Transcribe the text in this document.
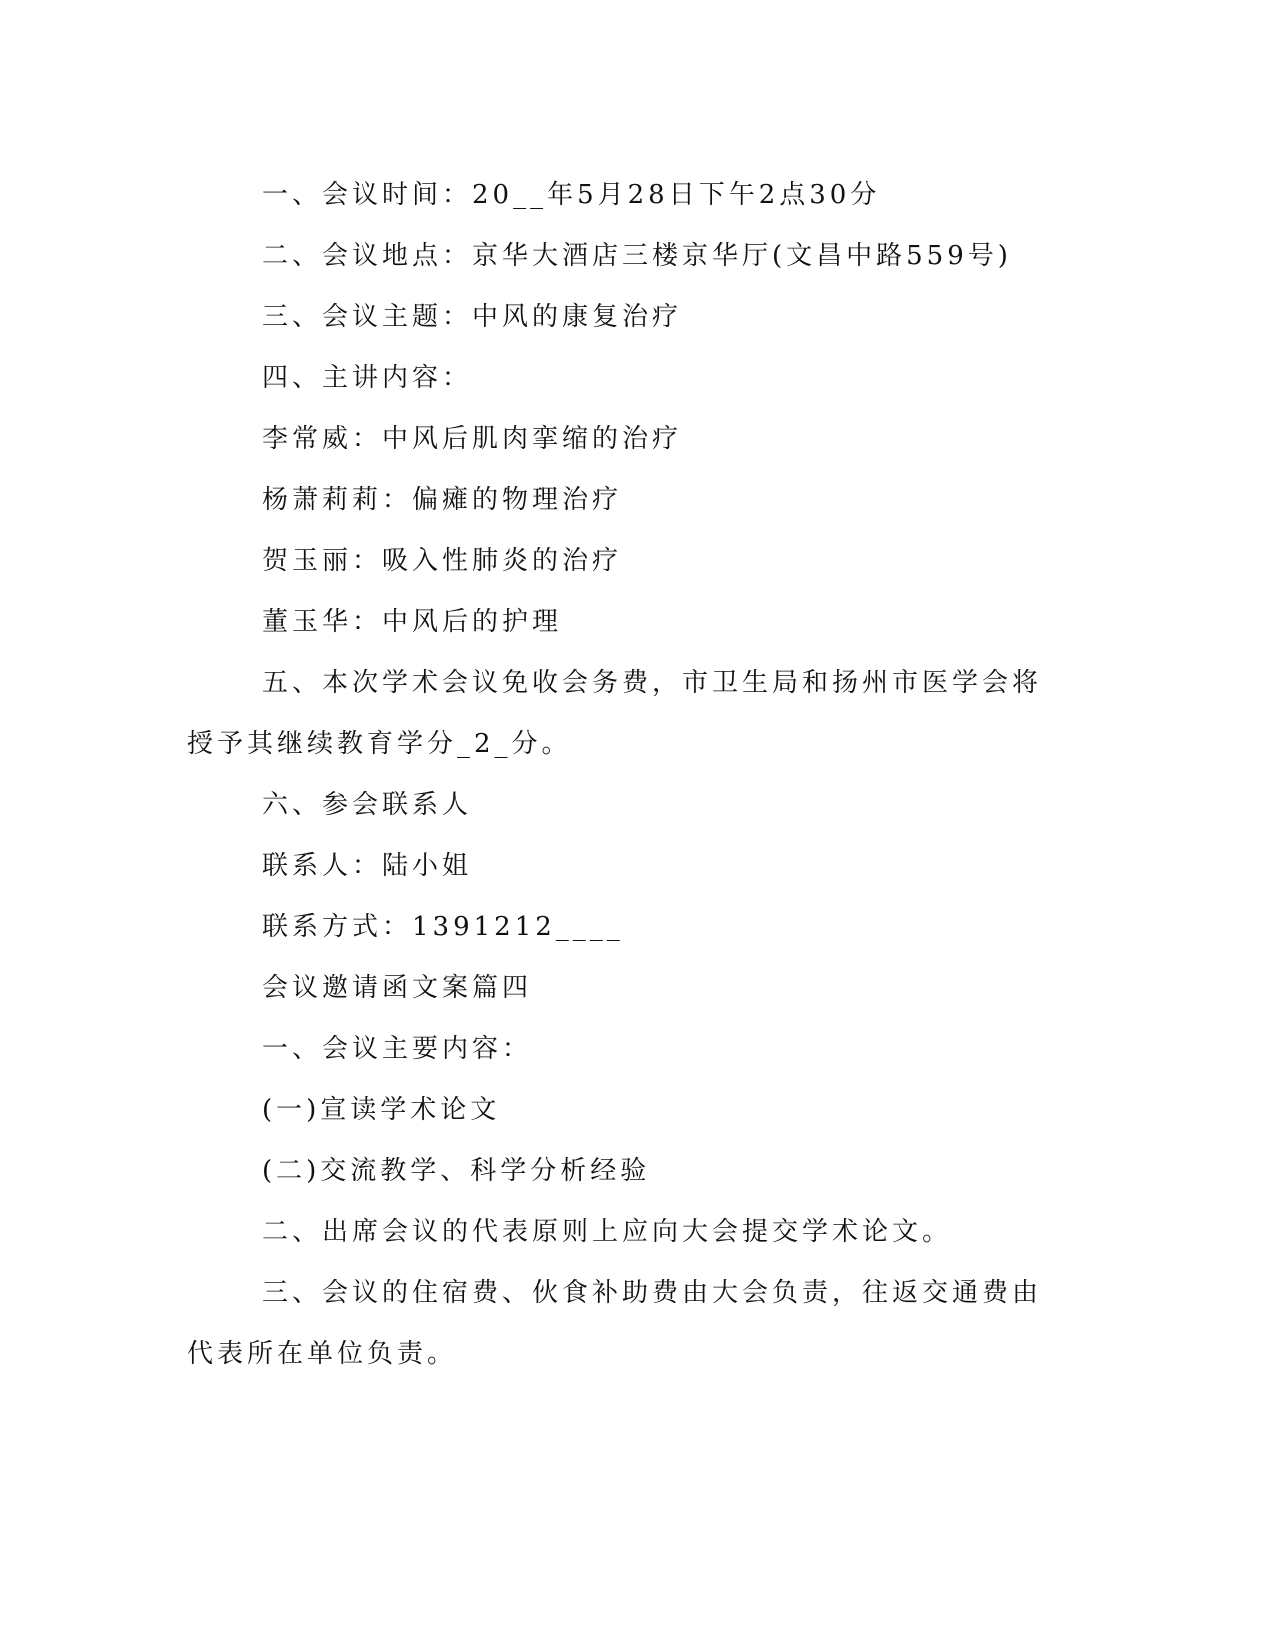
一、会议时间：20__年5月28日下午2点30分

二、会议地点：京华大酒店三楼京华厅(文昌中路559号)

三、会议主题：中风的康复治疗

四、主讲内容：

李常威：中风后肌肉挛缩的治疗

杨萧莉莉：偏瘫的物理治疗

贺玉丽：吸入性肺炎的治疗

董玉华：中风后的护理

五、本次学术会议免收会务费，市卫生局和扬州市医学会将授予其继续教育学分_2_分。

六、参会联系人

联系人：陆小姐

联系方式：1391212____

会议邀请函文案篇四

一、会议主要内容：

(一)宣读学术论文

(二)交流教学、科学分析经验

二、出席会议的代表原则上应向大会提交学术论文。

三、会议的住宿费、伙食补助费由大会负责，往返交通费由代表所在单位负责。
